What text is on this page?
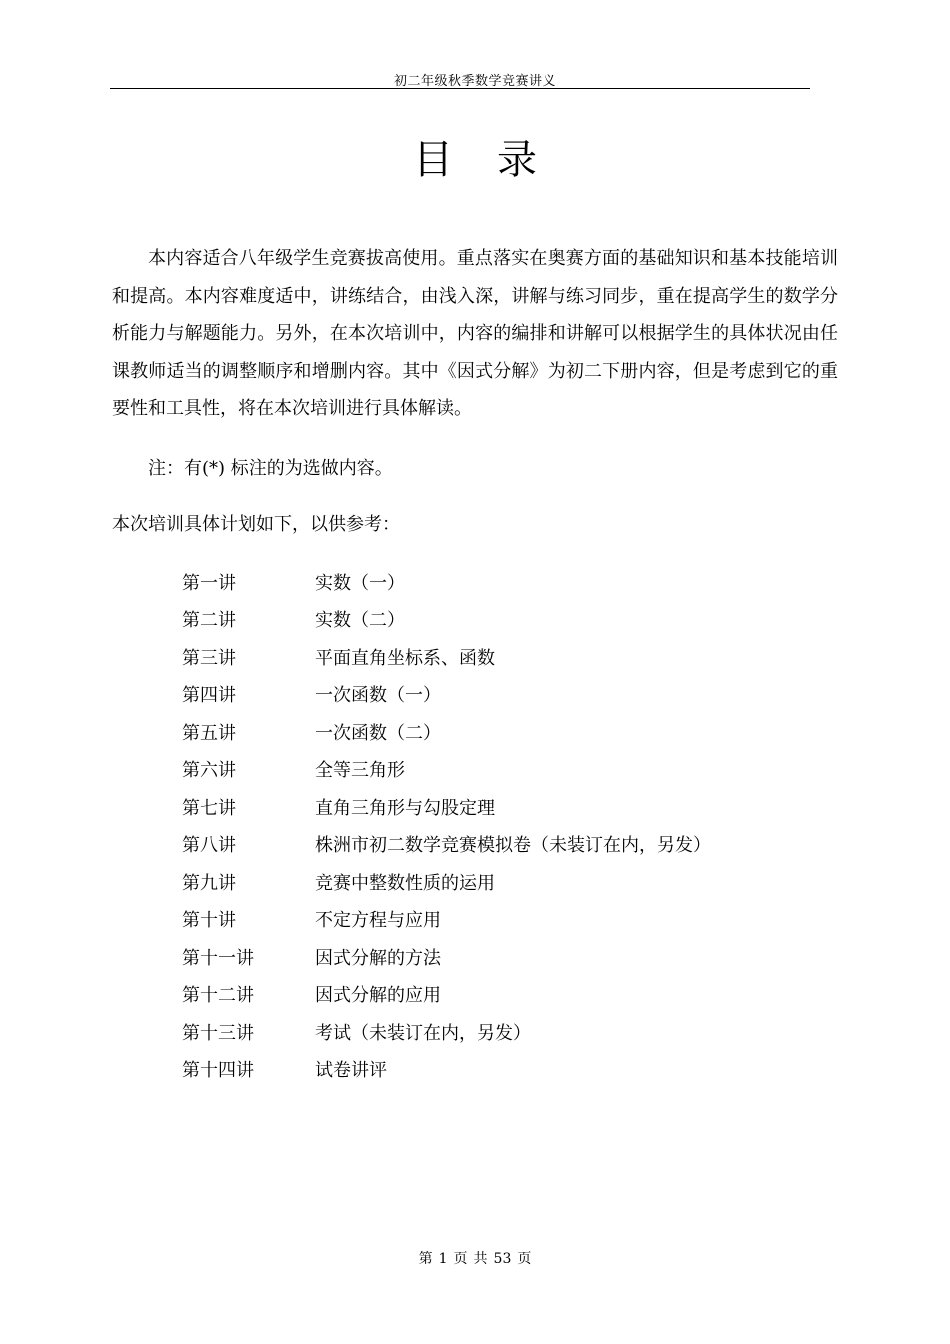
初二年级秋季数学竞赛讲义
目录

本内容适合八年级学生竞赛拔高使用。重点落实在奥赛方面的基础知识和基本技能培训和提高。本内容难度适中，讲练结合，由浅入深，讲解与练习同步，重在提高学生的数学分析能力与解题能力。另外，在本次培训中，内容的编排和讲解可以根据学生的具体状况由任课教师适当的调整顺序和增删内容。其中《因式分解》为初二下册内容，但是考虑到它的重要性和工具性，将在本次培训进行具体解读。

注：有(*) 标注的为选做内容。

本次培训具体计划如下，以供参考：

第一讲	实数（一）
第二讲	实数（二）
第三讲	平面直角坐标系、函数
第四讲	一次函数（一）
第五讲	一次函数（二）
第六讲	全等三角形
第七讲	直角三角形与勾股定理
第八讲	株洲市初二数学竞赛模拟卷（未装订在内，另发）
第九讲	竞赛中整数性质的运用
第十讲	不定方程与应用
第十一讲	因式分解的方法
第十二讲	因式分解的应用
第十三讲	考试（未装订在内，另发）
第十四讲	试卷讲评
第 1 页 共 53 页
